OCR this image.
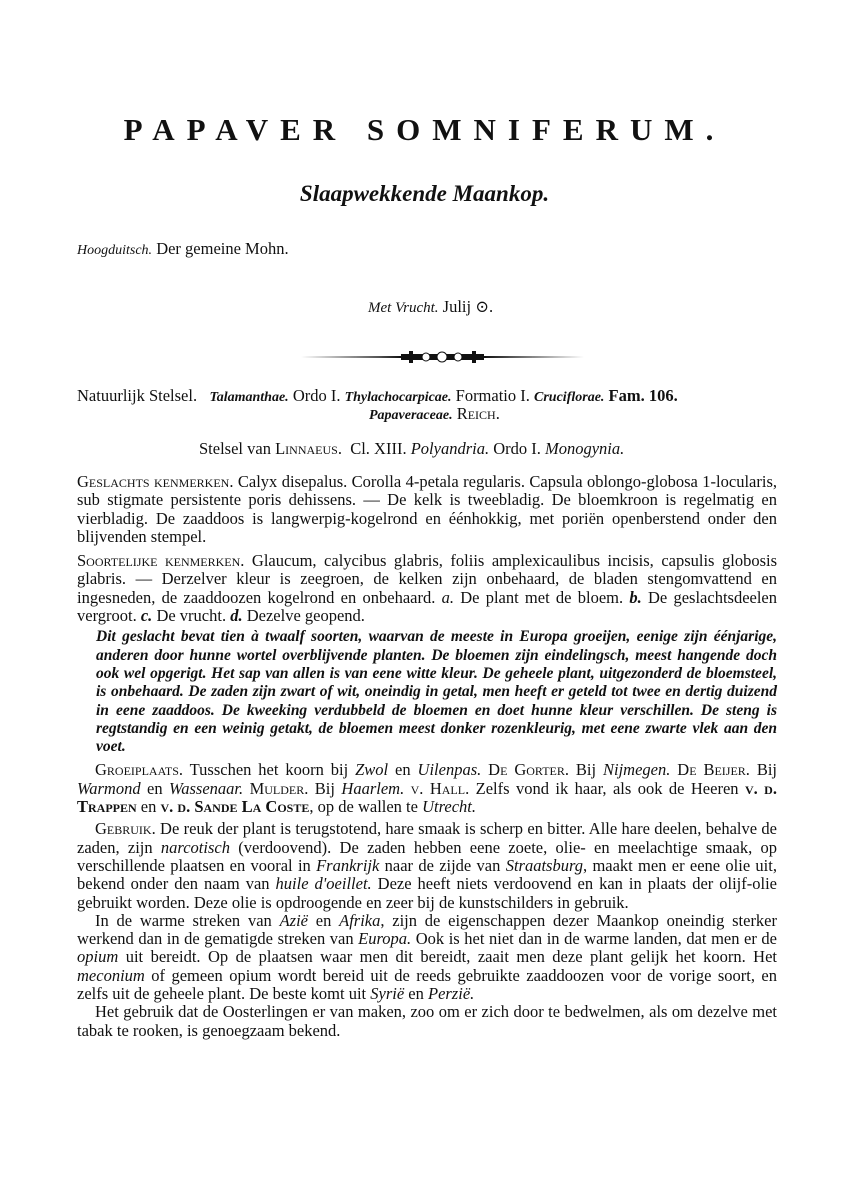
PAPAVER SOMNIFERUM.
Slaapwekkende Maankop.
Hoogduitsch. Der gemeine Mohn.
Met Vrucht. Julij ⊙.
Natuurlijk Stelsel. Talamanthae. Ordo I. Thylachocarpicae. Formatio I. Cruciflorae. Fam. 106.
Papaveraceae. Reich.
Stelsel van Linnaeus. Cl. XIII. Polyandria. Ordo I. Monogynia.

Geslachts kenmerken. Calyx disepalus. Corolla 4-petala regularis. Capsula oblongo-globosa 1-locularis, sub stigmate persistente poris dehissens. — De kelk is tweebladig. De bloemkroon is regelmatig en vierbladig. De zaaddoos is langwerpig-kogelrond en éénhokkig, met poriën openberstend onder den blijvenden stempel.

Soortelijke kenmerken. Glaucum, calycibus glabris, foliis amplexicaulibus incisis, capsulis globosis glabris. — Derzelver kleur is zeegroen, de kelken zijn onbehaard, de bladen stengomvattend en ingesneden, de zaaddoozen kogelrond en onbehaard. a. De plant met de bloem. b. De geslachtsdeelen vergroot. c. De vrucht. d. Dezelve geopend.

Dit geslacht bevat tien à twaalf soorten, waarvan de meeste in Europa groeijen, eenige zijn éénjarige, anderen door hunne wortel overblijvende planten. De bloemen zijn eindelingsch, meest hangende doch ook wel opgerigt. Het sap van allen is van eene witte kleur. De geheele plant, uitgezonderd de bloemsteel, is onbehaard. De zaden zijn zwart of wit, oneindig in getal, men heeft er geteld tot twee en dertig duizend in eene zaaddoos. De kweeking verdubbeld de bloemen en doet hunne kleur verschillen. De steng is regtstandig en een weinig getakt, de bloemen meest donker rozenkleurig, met eene zwarte vlek aan den voet.

Groeiplaats. Tusschen het koorn bij Zwol en Uilenpas. De Gorter. Bij Nijmegen. De Beijer. Bij Warmond en Wassenaar. Mulder. Bij Haarlem. v. Hall. Zelfs vond ik haar, als ook de Heeren v. d. Trappen en v. d. Sande La Coste, op de wallen te Utrecht.

Gebruik. De reuk der plant is terugstotend, hare smaak is scherp en bitter. Alle hare deelen, behalve de zaden, zijn narcotisch (verdoovend). De zaden hebben eene zoete, olie- en meelachtige smaak, op verschillende plaatsen en vooral in Frankrijk naar de zijde van Straatsburg, maakt men er eene olie uit, bekend onder den naam van huile d'oeillet. Deze heeft niets verdoovend en kan in plaats der olijf-olie gebruikt worden. Deze olie is opdroogende en zeer bij de kunstschilders in gebruik.

In de warme streken van Azië en Afrika, zijn de eigenschappen dezer Maankop oneindig sterker werkend dan in de gematigde streken van Europa. Ook is het niet dan in de warme landen, dat men er de opium uit bereidt. Op de plaatsen waar men dit bereidt, zaait men deze plant gelijk het koorn. Het meconium of gemeen opium wordt bereid uit de reeds gebruikte zaaddoozen voor de vorige soort, en zelfs uit de geheele plant. De beste komt uit Syrië en Perzië.

Het gebruik dat de Oosterlingen er van maken, zoo om er zich door te bedwelmen, als om dezelve met tabak te rooken, is genoegzaam bekend.
